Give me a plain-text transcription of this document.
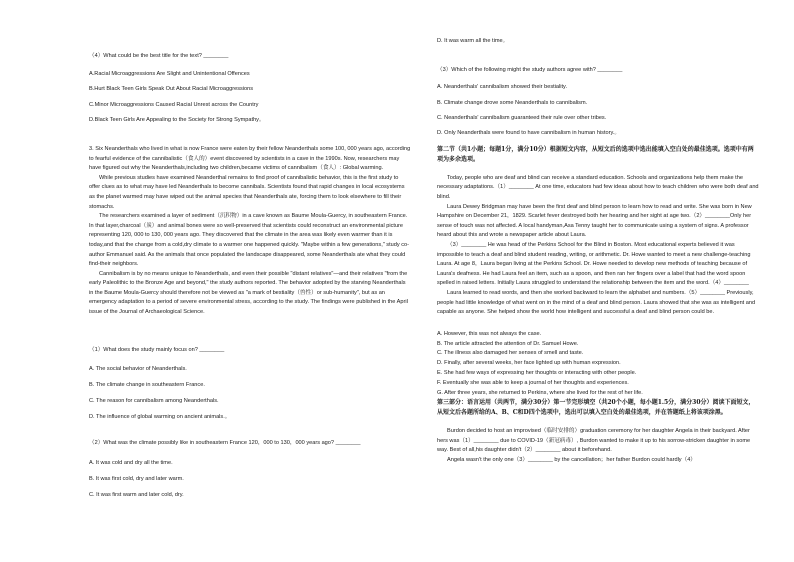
（4）What could be the best title for the text? ________

A.Racial Microaggressions Are Slight and Unintentional Offences

B.Hurt Black Teen Girls Speak Out About Racial Microaggressions

C.Minor Microaggressions Caused Racial Unrest across the Country

D.Black Teen Girls Are Appealing to the Society for Strong Sympathy。

3. Six Neanderthals who lived in what is now France were eaten by their fellow Neanderthals some 100, 000 years ago, according to fearful evidence of the cannibalistic（食人的）event discovered by scientists in a cave in the 1990s. Now, researchers may have figured out why the Neanderthals,including two children,became victims of cannibalism（食人）: Global warming.

While previous studies have examined Neanderthal remains to find proof of cannibalistic behavior, this is the first study to offer clues as to what may have led Neanderthals to become cannibals. Scientists found that rapid changes in local ecosystems as the planet warmed may have wiped out the animal species that Neanderthals ate, forcing them to look elsewhere to fill their stomachs.

The researchers examined a layer of sediment（沉积物）in a cave known as Baume Moula-Guercy, in southeastern France. In that layer,charcoal（炭）and animal bones were so well-preserved that scientists could reconstruct an environmental picture representing 120, 000 to 130, 000 years ago. They discovered that the climate in the area was likely even warmer than it is today,and that the change from a cold,dry climate to a warmer one happened quickly. "Maybe within a few generations," study co-author Emmanuel said. As the animals that once populated the landscape disappeared, some Neanderthals ate what they could find-their neighbors.

Cannibalism is by no means unique to Neanderthals, and even their possible "distant relatives"—and their relatives "from the early Paleolithic to the Bronze Age and beyond," the study authors reported. The behavior adopted by the starving Neanderthals in the Baume Moula-Guercy should therefore not be viewed as "a mark of bestiality（兽性）or sub-humanity", but as an emergency adaptation to a period of severe environmental stress, according to the study. The findings were published in the April issue of the Journal of Archaeological Science.

（1）What does the study mainly focus on? ________

A. The social behavior of Neanderthals.

B. The climate change in southeastern France.

C. The reason for cannibalism among Neanderthals.

D. The influence of global warming on ancient animals.。

（2）What was the climate possibly like in southeastern France 120，000 to 130，000 years ago? ________

A. It was cold and dry all the time.

B. It was first cold, dry and later warm.

C. It was first warm and later cold, dry.

D. It was warm all the time。

（3）Which of the following might the study authors agree with? ________

A. Neanderthals' cannibalism showed their bestiality.

B. Climate change drove some Neanderthals to cannibalism.

C. Neanderthals' cannibalism guaranteed their rule over other tribes.

D. Only Neanderthals were found to have cannibalism in human history.。

第二节（共1小题；每题1分，满分10分）根据短文内容，从短文后的选项中选出能填入空白处的最佳选项。选项中有两项为多余选项。

Today, people who are deaf and blind can receive a standard education. Schools and organizations help them make the necessary adaptations.（1）________ At one time, educators had few ideas about how to teach children who were both deaf and blind.

Laura Dewey Bridgman may have been the first deaf and blind person to learn how to read and write. She was born in New Hampshire on December 21，1829. Scarlet fever destroyed both her hearing and her sight at age two.（2）________Only her sense of touch was not affected. A local handyman,Asa Tenny taught her to communicate using a system of signs. A professor heard about this and wrote a newspaper article about Laura.

（3）________ He was head of the Perkins School for the Blind in Boston. Most educational experts believed it was impossible to teach a deaf and blind student reading, writing, or arithmetic. Dr. Howe wanted to meet a new challenge-teaching Laura. At age 8，Laura began living at the Perkins School. Dr. Howe needed to develop new methods of teaching because of Laura's deafness. He had Laura feel an item, such as a spoon, and then ran her fingers over a label that had the word spoon spelled in raised letters. Initially Laura struggled to understand the relationship between the item and the word.（4）________

Laura learned to read words, and then she worked backward to learn the alphabet and numbers.（5）________ Previously, people had little knowledge of what went on in the mind of a deaf and blind person. Laura showed that she was as intelligent and capable as anyone. She helped show the world how intelligent and successful a deaf and blind person could be.

A. However, this was not always the case.

B. The article attracted the attention of Dr. Samuel Howe.

C. The illness also damaged her senses of smell and taste.

D. Finally, after several weeks, her face lighted up with human expression.

E. She had few ways of expressing her thoughts or interacting with other people.

F. Eventually she was able to keep a journal of her thoughts and experiences.

G. After three years, she returned to Perkins, where she lived for the rest of her life.

第三部分：语言运用（共两节，满分30分）第一节完形填空（共20个小题，每小题1.5分，满分30分）阅读下面短文，从短文后各题所给的A、B、C和D四个选项中，选出可以填入空白处的最佳选项，并在答题纸上将该项涂黑。

Burdon decided to host an improvised（临时安排的）graduation ceremony for her daughter Angela in their backyard. After hers was（1）________ due to COVID-19（新冠病毒）, Burdon wanted to make it up to his sorrow-stricken daughter in some way. Best of all,his daughter didn't（2）________ about it beforehand.

Angela wasn't the only one（3）________ by the cancellation；her father Burdon could hardly（4）
